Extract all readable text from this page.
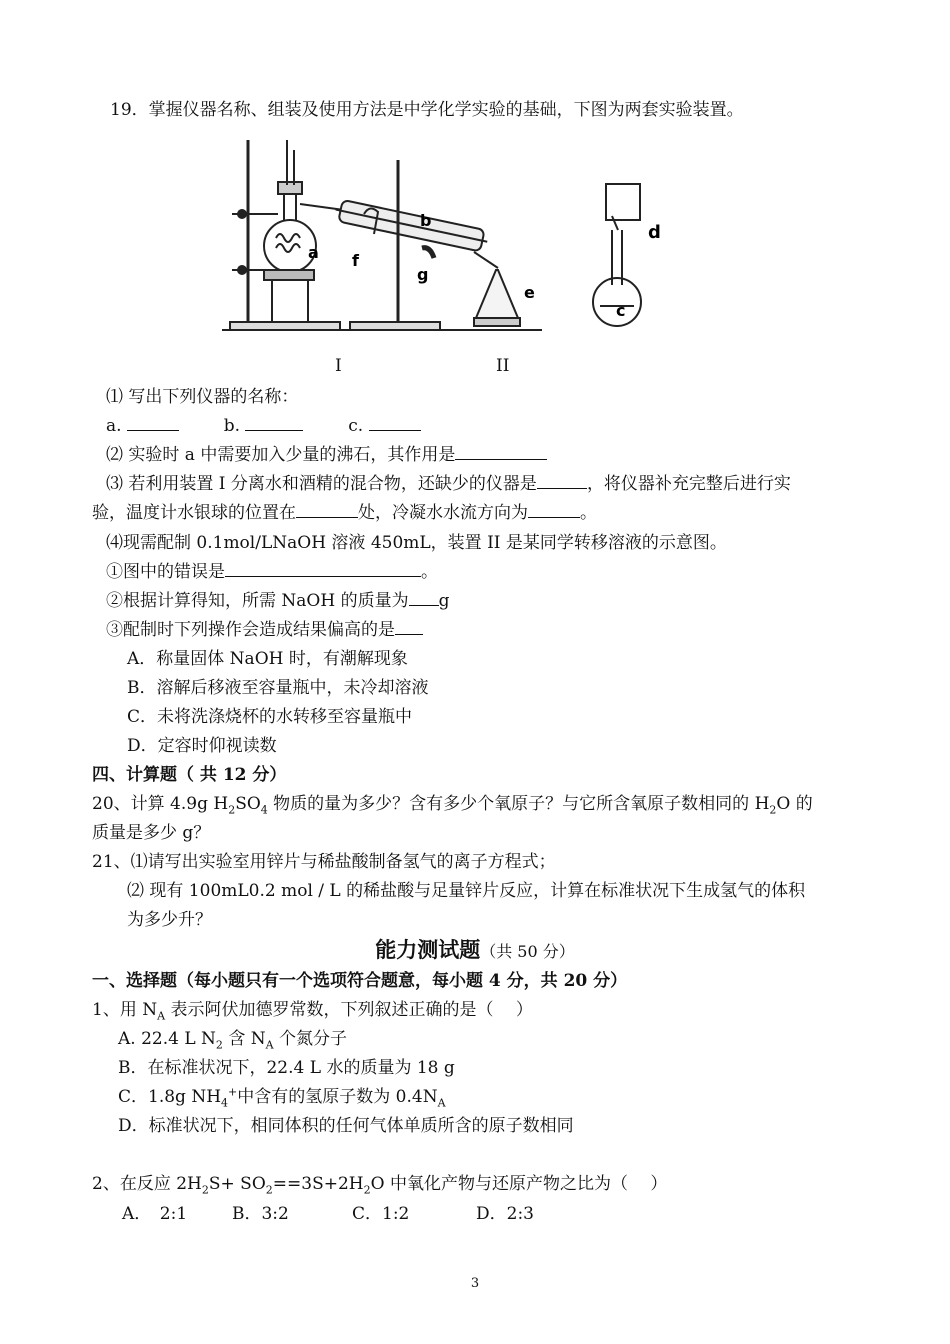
19．掌握仪器名称、组装及使用方法是中学化学实验的基础，下图为两套实验装置。
a
b
c
d
e
f
g
I	II
⑴ 写出下列仪器的名称：
a.	b.	c.
⑵ 实验时 a 中需要加入少量的沸石，其作用是
⑶ 若利用装置 I 分离水和酒精的混合物，还缺少的仪器是	，将仪器补充完整后进行实
验，温度计水银球的位置在	处，冷凝水水流方向为	。
⑷现需配制 0.1mol/LNaOH 溶液 450mL，装置 II 是某同学转移溶液的示意图。
①图中的错误是	。
②根据计算得知，所需 NaOH 的质量为 g
③配制时下列操作会造成结果偏高的是
A．称量固体 NaOH 时，有潮解现象
B．溶解后移液至容量瓶中，未冷却溶液
C．未将洗涤烧杯的水转移至容量瓶中
D．定容时仰视读数
四、计算题（ 共 12 分）
20、计算 4.9g $H_2SO_4$ 物质的量为多少？含有多少个氧原子？与它所含氧原子数相同的 $H_2O$ 的
质量是多少 g？
21、⑴请写出实验室用锌片与稀盐酸制备氢气的离子方程式；
⑵ 现有 100mL0.2 mol / L 的稀盐酸与足量锌片反应，计算在标准状况下生成氢气的体积
为多少升？
能力测试题（共 50 分）
一、选择题（每小题只有一个选项符合题意，每小题 4 分，共 20 分）
1、用 $N_A$ 表示阿伏加德罗常数，下列叙述正确的是（　 ）
A. 22.4 L $N_2$ 含 $N_A$ 个氮分子
B．在标准状况下，22.4 L 水的质量为 18 g
C．1.8g $NH_4^+$中含有的氢原子数为 $0.4N_A$
D．标准状况下，相同体积的任何气体单质所含的原子数相同
2、在反应 $2H_2S+ SO_2==3S+2H_2O$ 中氧化产物与还原产物之比为（　 ）
A．　2:1	B．3:2	C．1:2	D．2:3
3
